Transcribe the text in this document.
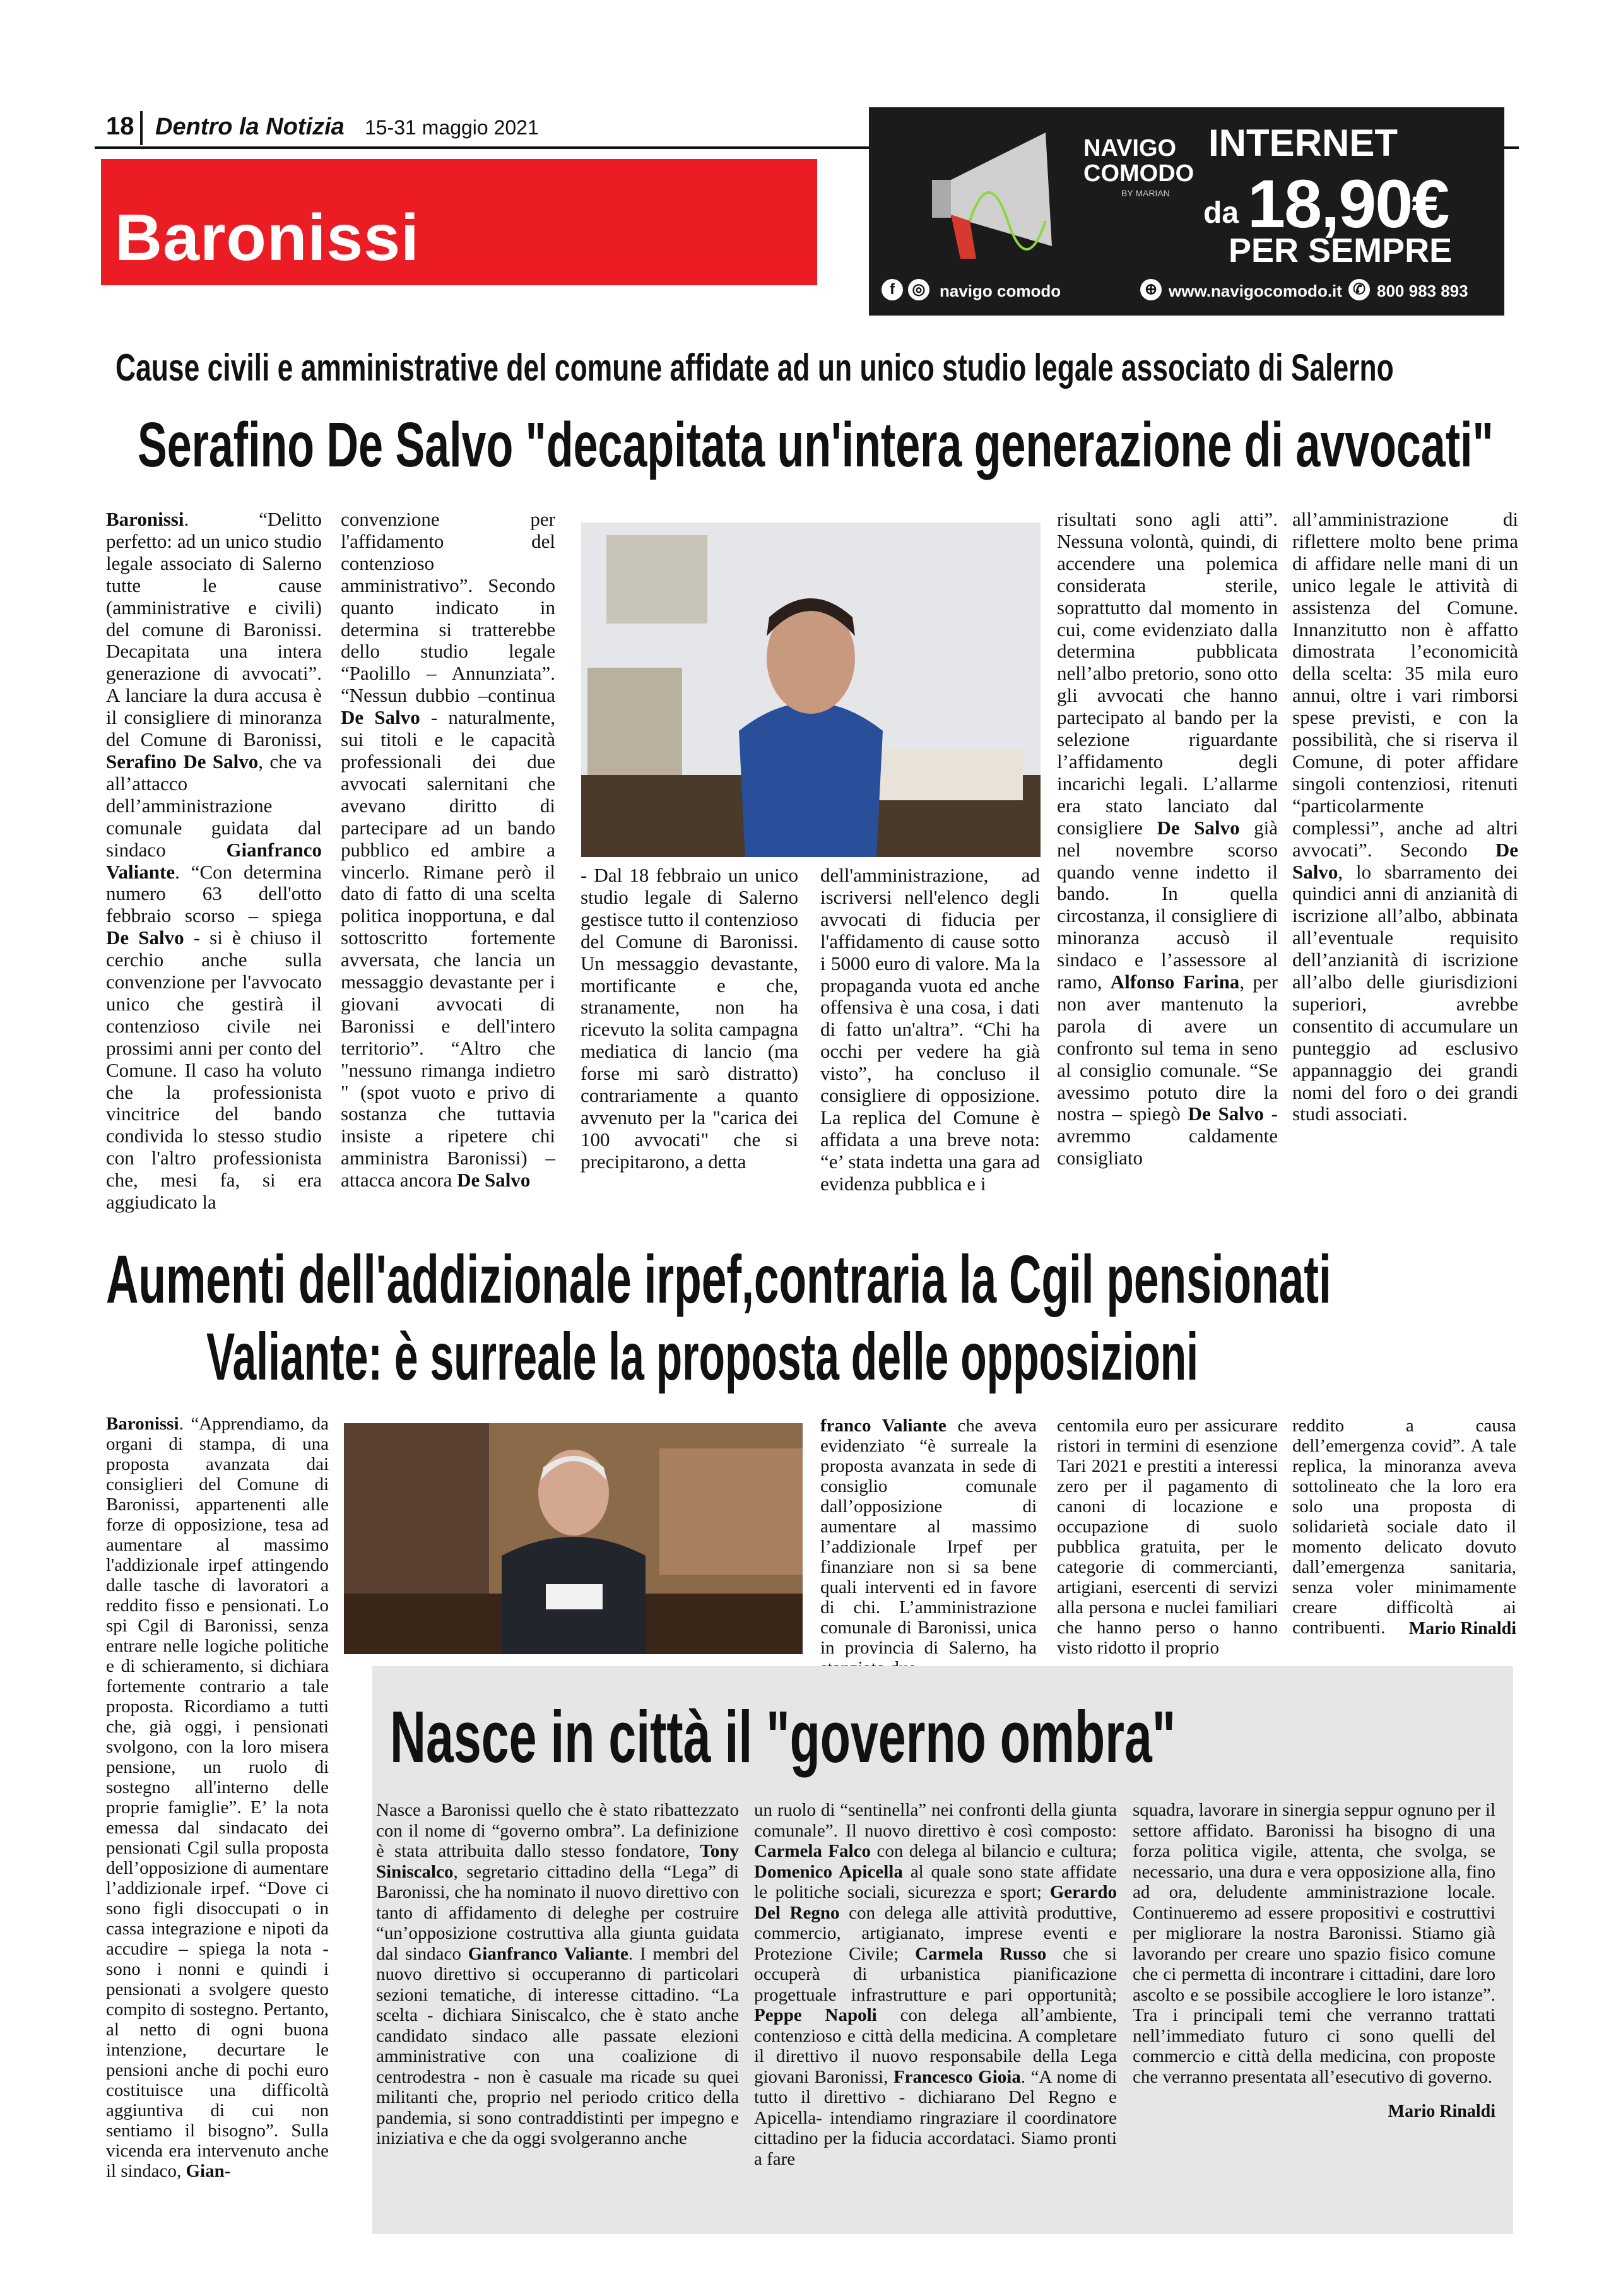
18 Dentro la Notizia 15-31 maggio 2021
Baronissi
NAVIGO
COMODO
BY MARIAN
INTERNET
da 18,90€
PER SEMPRE
f	◎ navigo comodo	⊕ www.navigocomodo.it ✆ 800 983 893
Cause civili e amministrative del comune affidate ad un unico studio legale associato di Salerno
Serafino De Salvo "decapitata un'intera generazione di avvocati"
Baronissi. “Delitto perfetto: ad un unico studio legale associato di Salerno tutte le cause (amministrative e civili) del comune di Baronissi. Decapitata una intera generazione di avvocati”. A lanciare la dura accusa è il consigliere di minoranza del Comune di Baronissi, Serafino De Salvo, che va all’attacco dell’amministrazione comunale guidata dal sindaco Gianfranco Valiante. “Con determina numero 63 dell'otto febbraio scorso – spiega De Salvo - si è chiuso il cerchio anche sulla convenzione per l'avvocato unico che gestirà il contenzioso civile nei prossimi anni per conto del Comune. Il caso ha voluto che la professionista vincitrice del bando condivida lo stesso studio con l'altro professionista che, mesi fa, si era aggiudicato la
convenzione per l'affidamento del contenzioso amministrativo”. Secondo quanto indicato in determina si tratterebbe dello studio legale “Paolillo – Annunziata”. “Nessun dubbio –continua De Salvo - naturalmente, sui titoli e le capacità professionali dei due avvocati salernitani che avevano diritto di partecipare ad un bando pubblico ed ambire a vincerlo. Rimane però il dato di fatto di una scelta politica inopportuna, e dal sottoscritto fortemente avversata, che lancia un messaggio devastante per i giovani avvocati di Baronissi e dell'intero territorio”. “Altro che "nessuno rimanga indietro " (spot vuoto e privo di sostanza che tuttavia insiste a ripetere chi amministra Baronissi) – attacca ancora De Salvo
- Dal 18 febbraio un unico studio legale di Salerno gestisce tutto il contenzioso del Comune di Baronissi. Un messaggio devastante, mortificante e che, stranamente, non ha ricevuto la solita campagna mediatica di lancio (ma forse mi sarò distratto) contrariamente a quanto avvenuto per la "carica dei 100 avvocati" che si precipitarono, a detta
dell'amministrazione, ad iscriversi nell'elenco degli avvocati di fiducia per l'affidamento di cause sotto i 5000 euro di valore. Ma la propaganda vuota ed anche offensiva è una cosa, i dati di fatto un'altra”. “Chi ha occhi per vedere ha già visto”, ha concluso il consigliere di opposizione. La replica del Comune è affidata a una breve nota: “e’ stata indetta una gara ad evidenza pubblica e i
risultati sono agli atti”. Nessuna volontà, quindi, di accendere una polemica considerata sterile, soprattutto dal momento in cui, come evidenziato dalla determina pubblicata nell’albo pretorio, sono otto gli avvocati che hanno partecipato al bando per la selezione riguardante l’affidamento degli incarichi legali. L’allarme era stato lanciato dal consigliere De Salvo già nel novembre scorso quando venne indetto il bando. In quella circostanza, il consigliere di minoranza accusò il sindaco e l’assessore al ramo, Alfonso Farina, per non aver mantenuto la parola di avere un confronto sul tema in seno al consiglio comunale. “Se avessimo potuto dire la nostra – spiegò De Salvo - avremmo caldamente consigliato
all’amministrazione di riflettere molto bene prima di affidare nelle mani di un unico legale le attività di assistenza del Comune. Innanzitutto non è affatto dimostrata l’economicità della scelta: 35 mila euro annui, oltre i vari rimborsi spese previsti, e con la possibilità, che si riserva il Comune, di poter affidare singoli contenziosi, ritenuti “particolarmente complessi”, anche ad altri avvocati”. Secondo De Salvo, lo sbarramento dei quindici anni di anzianità di iscrizione all’albo, abbinata all’eventuale requisito dell’anzianità di iscrizione all’albo delle giurisdizioni superiori, avrebbe consentito di accumulare un punteggio ad esclusivo appannaggio dei grandi nomi del foro o dei grandi studi associati.
Aumenti dell'addizionale irpef,contraria la Cgil pensionati
Valiante: è surreale la proposta delle opposizioni
Baronissi. “Apprendiamo, da organi di stampa, di una proposta avanzata dai consiglieri del Comune di Baronissi, appartenenti alle forze di opposizione, tesa ad aumentare al massimo l'addizionale irpef attingendo dalle tasche di lavoratori a reddito fisso e pensionati. Lo spi Cgil di Baronissi, senza entrare nelle logiche politiche e di schieramento, si dichiara fortemente contrario a tale proposta. Ricordiamo a tutti che, già oggi, i pensionati svolgono, con la loro misera pensione, un ruolo di sostegno all'interno delle proprie famiglie”. E’ la nota emessa dal sindacato dei pensionati Cgil sulla proposta dell’opposizione di aumentare l’addizionale irpef. “Dove ci sono figli disoccupati o in cassa integrazione e nipoti da accudire – spiega la nota - sono i nonni e quindi i pensionati a svolgere questo compito di sostegno. Pertanto, al netto di ogni buona intenzione, decurtare le pensioni anche di pochi euro costituisce una difficoltà aggiuntiva di cui non sentiamo il bisogno”. Sulla vicenda era intervenuto anche il sindaco, Gian-
franco Valiante che aveva evidenziato “è surreale la proposta avanzata in sede di consiglio comunale dall’opposizione di aumentare al massimo l’addizionale Irpef per finanziare non si sa bene quali interventi ed in favore di chi. L’amministrazione comunale di Baronissi, unica in provincia di Salerno, ha
centomila euro per assicurare ristori in termini di esenzione Tari 2021 e prestiti a interessi zero per il pagamento di canoni di locazione e occupazione di suolo pubblica gratuita, per le categorie di commercianti, artigiani, esercenti di servizi alla persona e nuclei familiari che hanno perso o hanno visto ridotto il proprio
reddito a causa dell’emergenza covid”. A tale replica, la minoranza aveva sottolineato che la loro era solo una proposta di solidarietà sociale dato il momento delicato dovuto dall’emergenza sanitaria, senza voler minimamente creare difficoltà ai contribuenti.	Mario Rinaldi
Nasce in città il "governo ombra"
Nasce a Baronissi quello che è stato ribattezzato con il nome di “governo ombra”. La definizione è stata attribuita dallo stesso fondatore, Tony Siniscalco, segretario cittadino della “Lega” di Baronissi, che ha nominato il nuovo direttivo con tanto di affidamento di deleghe per costruire “un’opposizione costruttiva alla giunta guidata dal sindaco Gianfranco Valiante. I membri del nuovo direttivo si occuperanno di particolari sezioni tematiche, di interesse cittadino. “La scelta - dichiara Siniscalco, che è stato anche candidato sindaco alle passate elezioni amministrative con una coalizione di centrodestra - non è casuale ma ricade su quei militanti che, proprio nel periodo critico della pandemia, si sono contraddistinti per impegno e iniziativa e che da oggi svolgeranno anche
un ruolo di “sentinella” nei confronti della giunta comunale”. Il nuovo direttivo è così composto: Carmela Falco con delega al bilancio e cultura; Domenico Apicella al quale sono state affidate le politiche sociali, sicurezza e sport; Gerardo Del Regno con delega alle attività produttive, commercio, artigianato, imprese eventi e Protezione Civile; Carmela Russo che si occuperà di urbanistica pianificazione progettuale infrastrutture e pari opportunità; Peppe Napoli con delega all’ambiente, contenzioso e città della medicina. A completare il direttivo il nuovo responsabile della Lega giovani Baronissi, Francesco Gioia. “A nome di tutto il direttivo - dichiarano Del Regno e Apicella- intendiamo ringraziare il coordinatore cittadino per la fiducia accordataci. Siamo pronti a fare
squadra, lavorare in sinergia seppur ognuno per il settore affidato. Baronissi ha bisogno di una forza politica vigile, attenta, che svolga, se necessario, una dura e vera opposizione alla, fino ad ora, deludente amministrazione locale. Continueremo ad essere propositivi e costruttivi per migliorare la nostra Baronissi. Stiamo già lavorando per creare uno spazio fisico comune che ci permetta di incontrare i cittadini, dare loro ascolto e se possibile accogliere le loro istanze”. Tra i principali temi che verranno trattati nell’immediato futuro ci sono quelli del commercio e città della medicina, con proposte che verranno presentata all’esecutivo di governo.
Mario Rinaldi
